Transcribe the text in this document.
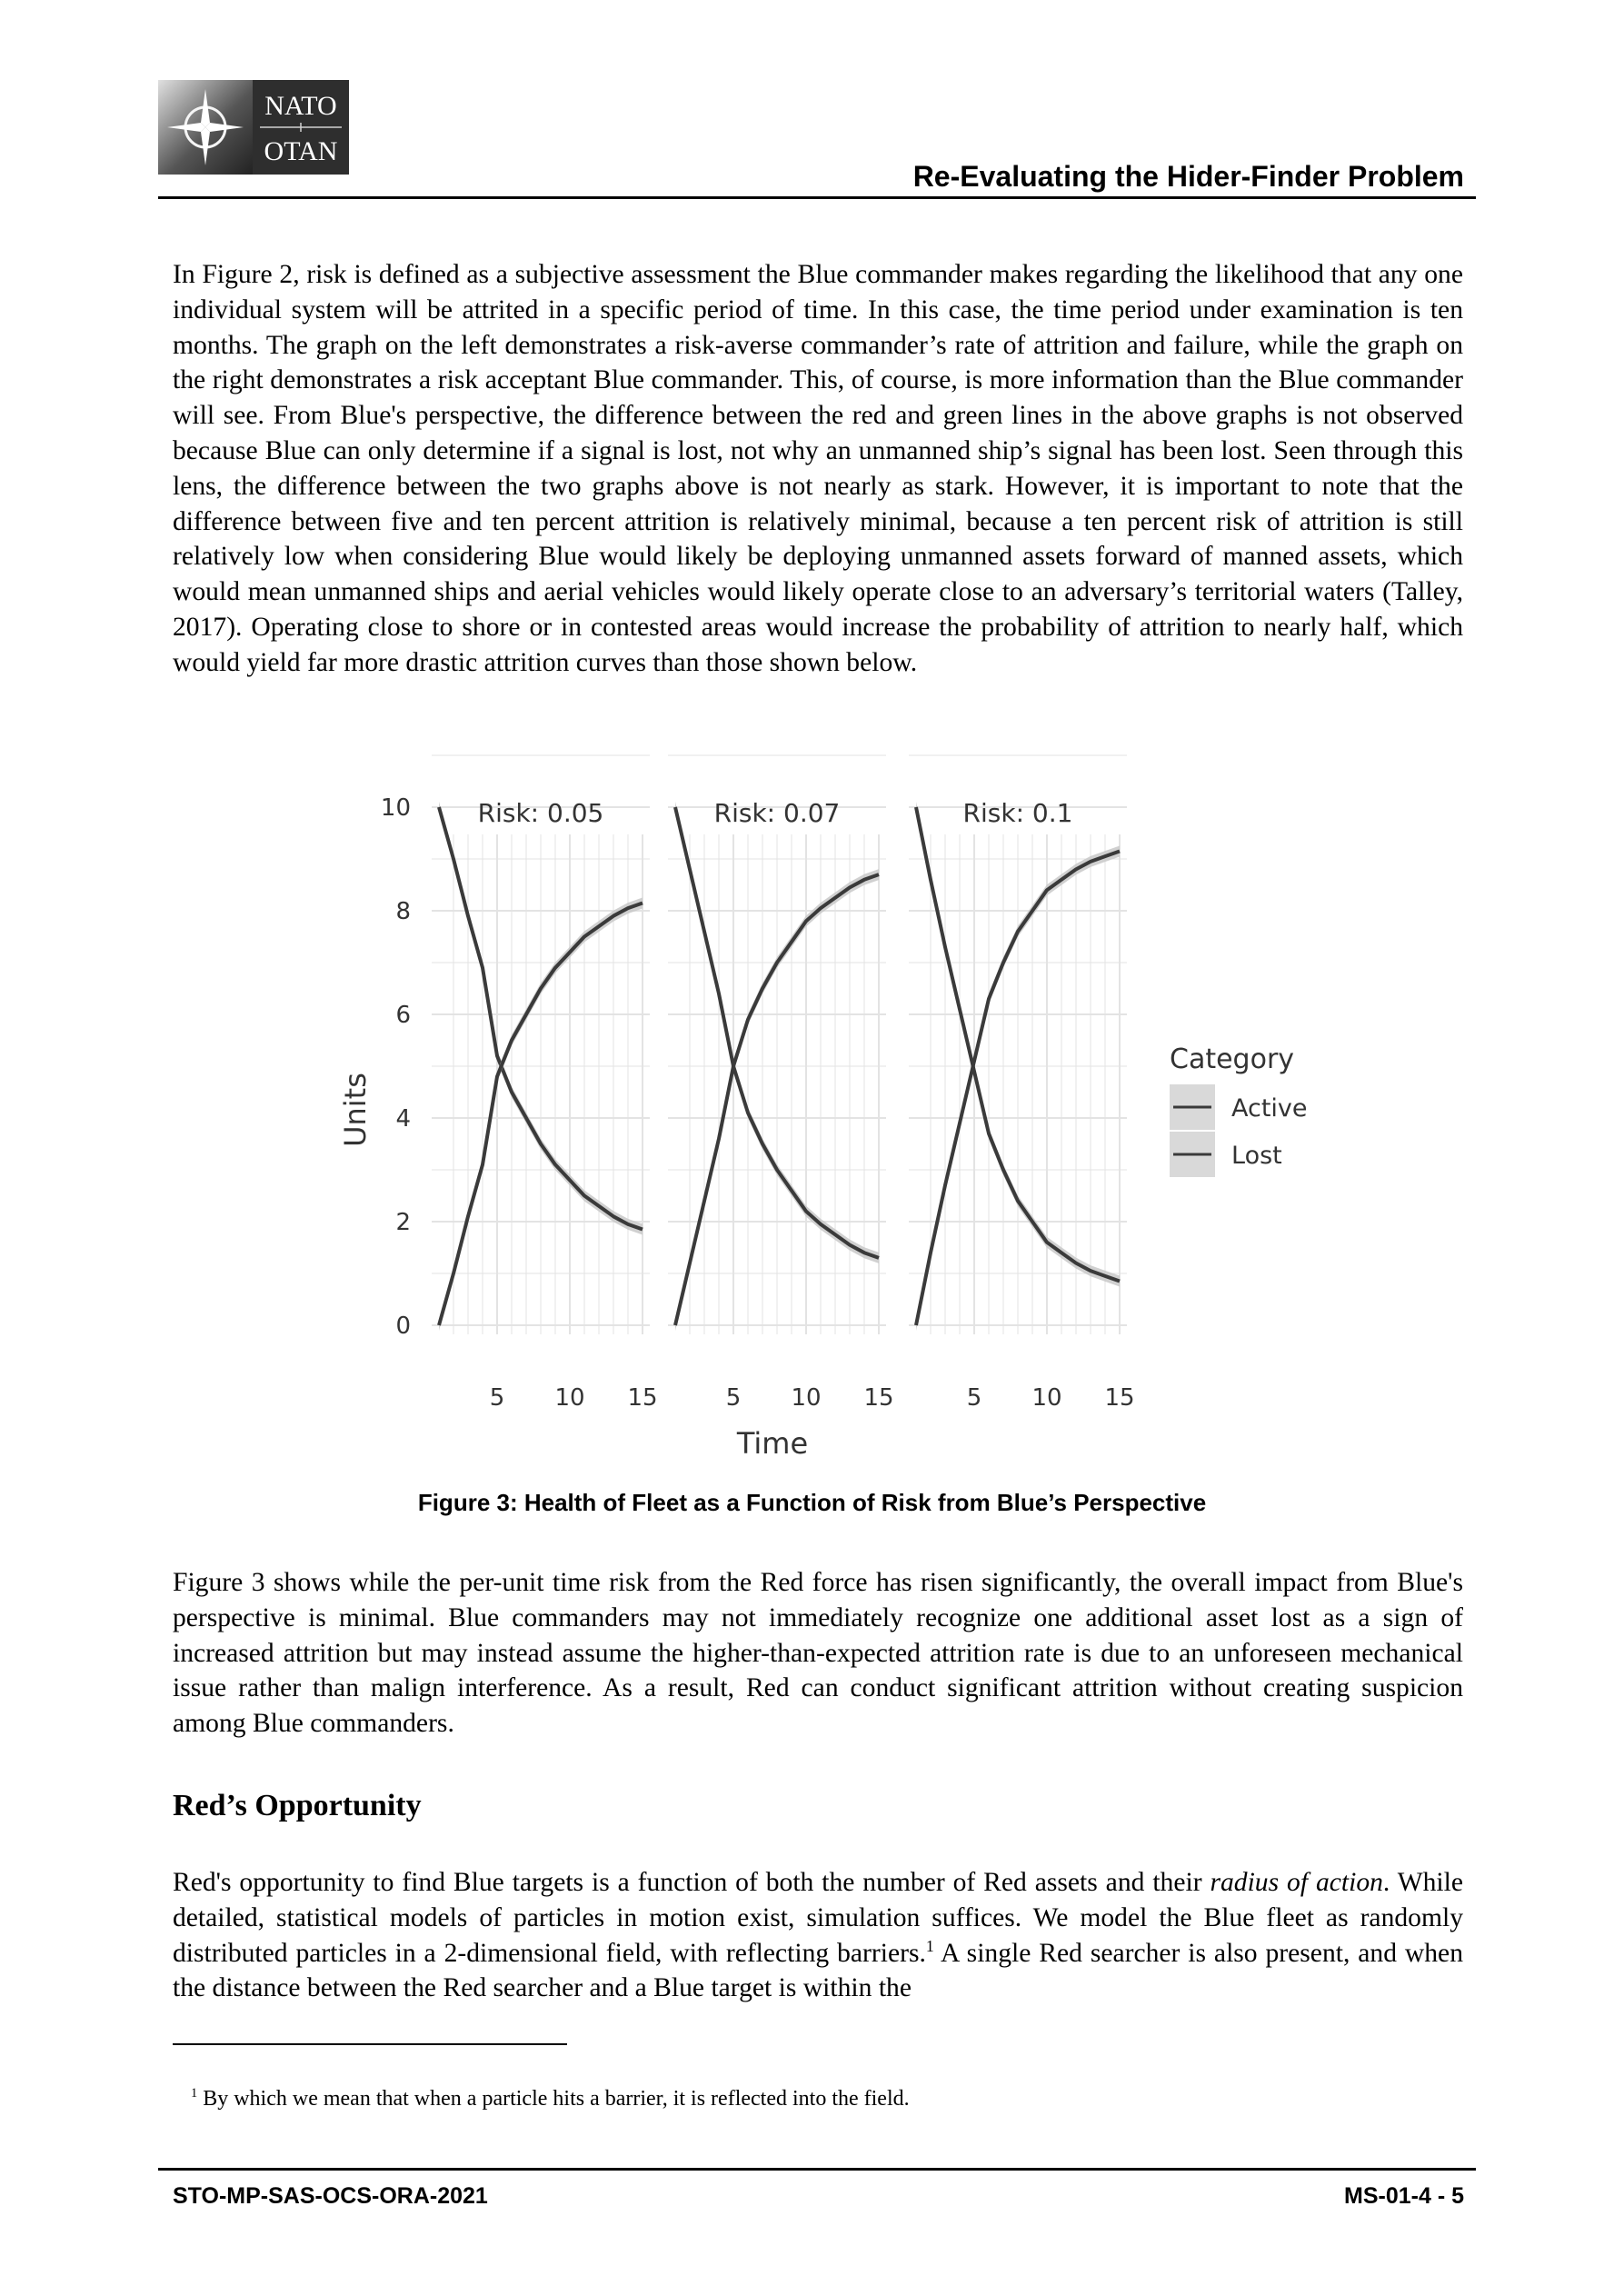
NATO
OTAN
Re-Evaluating the Hider-Finder Problem

In Figure 2, risk is defined as a subjective assessment the Blue commander makes regarding the likelihood that any one individual system will be attrited in a specific period of time. In this case, the time period under examination is ten months. The graph on the left demonstrates a risk-averse commander’s rate of attrition and failure, while the graph on the right demonstrates a risk acceptant Blue commander. This, of course, is more information than the Blue commander will see. From Blue's perspective, the difference between the red and green lines in the above graphs is not observed because Blue can only determine if a signal is lost, not why an unmanned ship’s signal has been lost. Seen through this lens, the difference between the two graphs above is not nearly as stark. However, it is important to note that the difference between five and ten percent attrition is relatively minimal, because a ten percent risk of attrition is still relatively low when considering Blue would likely be deploying unmanned assets forward of manned assets, which would mean unmanned ships and aerial vehicles would likely operate close to an adversary’s territorial waters (Talley, 2017). Operating close to shore or in contested areas would increase the probability of attrition to nearly half, which would yield far more drastic attrition curves than those shown below.

Risk: 0.05
5 10 15
Risk: 0.07
5 10 15
Risk: 0.1
5 10 15
0
2
4
6
8
10
Time
Units
Category
Active
Lost
Figure 3: Health of Fleet as a Function of Risk from Blue’s Perspective

Figure 3 shows while the per-unit time risk from the Red force has risen significantly, the overall impact from Blue's perspective is minimal. Blue commanders may not immediately recognize one additional asset lost as a sign of increased attrition but may instead assume the higher-than-expected attrition rate is due to an unforeseen mechanical issue rather than malign interference. As a result, Red can conduct significant attrition without creating suspicion among Blue commanders.

Red’s Opportunity

Red's opportunity to find Blue targets is a function of both the number of Red assets and their radius of action. While detailed, statistical models of particles in motion exist, simulation suffices. We model the Blue fleet as randomly distributed particles in a 2-dimensional field, with reflecting barriers.$^1$ A single Red searcher is also present, and when the distance between the Red searcher and a Blue target is within the

$^1$ By which we mean that when a particle hits a barrier, it is reflected into the field.

STO-MP-SAS-OCS-ORA-2021	MS-01-4 - 5
